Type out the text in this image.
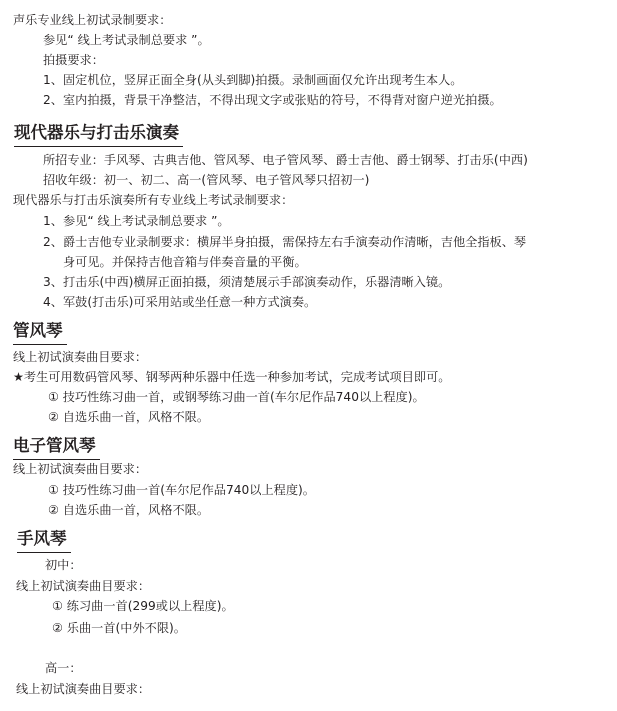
声乐专业线上初试录制要求：
参见“ 线上考试录制总要求 ”。
拍摄要求：
1、固定机位，竖屏正面全身(从头到脚)拍摄。录制画面仅允许出现考生本人。
2、室内拍摄，背景干净整洁，不得出现文字或张贴的符号，不得背对窗户逆光拍摄。
现代器乐与打击乐演奏
所招专业：手风琴、古典吉他、管风琴、电子管风琴、爵士吉他、爵士钢琴、打击乐(中西)
招收年级：初一、初二、高一(管风琴、电子管风琴只招初一)
现代器乐与打击乐演奏所有专业线上考试录制要求：
1、参见“ 线上考试录制总要求 ”。
2、爵士吉他专业录制要求：横屏半身拍摄，需保持左右手演奏动作清晰，吉他全指板、琴
身可见。并保持吉他音箱与伴奏音量的平衡。
3、打击乐(中西)横屏正面拍摄，须清楚展示手部演奏动作，乐器清晰入镜。
4、军鼓(打击乐)可采用站或坐任意一种方式演奏。
管风琴
线上初试演奏曲目要求：
★考生可用数码管风琴、钢琴两种乐器中任选一种参加考试，完成考试项目即可。
① 技巧性练习曲一首，或钢琴练习曲一首(车尔尼作品740以上程度)。
② 自选乐曲一首，风格不限。
电子管风琴
线上初试演奏曲目要求：
① 技巧性练习曲一首(车尔尼作品740以上程度)。
② 自选乐曲一首，风格不限。
手风琴
初中：
线上初试演奏曲目要求：
① 练习曲一首(299或以上程度)。
② 乐曲一首(中外不限)。
高一：
线上初试演奏曲目要求：
